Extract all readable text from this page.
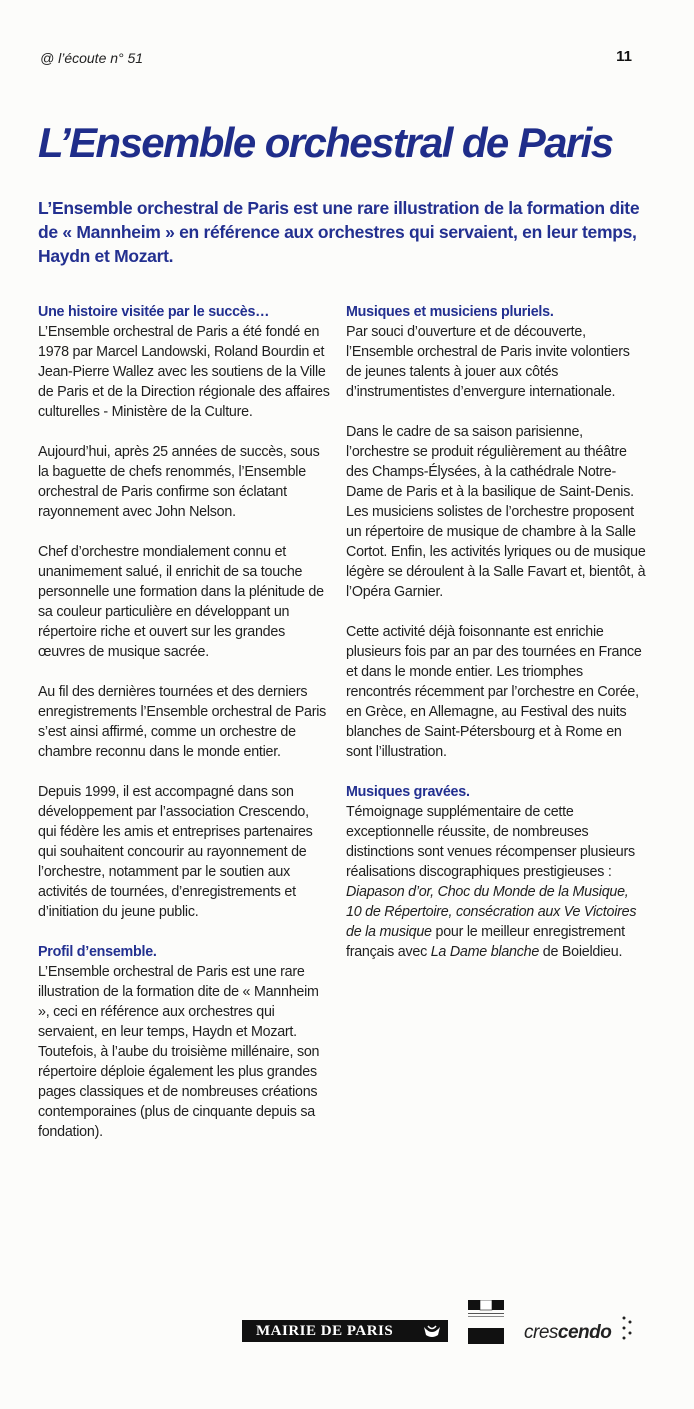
@ l’écoute n° 51	11
L’Ensemble orchestral de Paris

L’Ensemble orchestral de Paris est une rare illustration de la formation dite de « Mannheim » en référence aux orchestres qui servaient, en leur temps, Haydn et Mozart.

Une histoire visitée par le succès…

L’Ensemble orchestral de Paris a été fondé en 1978 par Marcel Landowski, Roland Bourdin et Jean-Pierre Wallez avec les soutiens de la Ville de Paris et de la Direction régionale des affaires culturelles - Ministère de la Culture.

Aujourd’hui, après 25 années de succès, sous la baguette de chefs renommés, l’Ensemble orchestral de Paris confirme son éclatant rayonnement avec John Nelson.

Chef d’orchestre mondialement connu et unanimement salué, il enrichit de sa touche personnelle une formation dans la plénitude de sa couleur particulière en développant un répertoire riche et ouvert sur les grandes œuvres de musique sacrée.

Au fil des dernières tournées et des derniers enregistrements l’Ensemble orchestral de Paris s’est ainsi affirmé, comme un orchestre de chambre reconnu dans le monde entier.

Depuis 1999, il est accompagné dans son développement par l’association Crescendo, qui fédère les amis et entreprises partenaires qui souhaitent concourir au rayonnement de l’orchestre, notamment par le soutien aux activités de tournées, d’enregistrements et d’initiation du jeune public.

Profil d’ensemble.

L’Ensemble orchestral de Paris est une rare illustration de la formation dite de « Mannheim », ceci en référence aux orchestres qui servaient, en leur temps, Haydn et Mozart. Toutefois, à l’aube du troisième millénaire, son répertoire déploie également les plus grandes pages classiques et de nombreuses créations contemporaines (plus de cinquante depuis sa fondation).

Musiques et musiciens pluriels.

Par souci d’ouverture et de découverte, l’Ensemble orchestral de Paris invite volontiers de jeunes talents à jouer aux côtés d’instrumentistes d’envergure internationale.

Dans le cadre de sa saison parisienne, l’orchestre se produit régulièrement au théâtre des Champs-Élysées, à la cathédrale Notre-Dame de Paris et à la basilique de Saint-Denis. Les musiciens solistes de l’orchestre proposent un répertoire de musique de chambre à la Salle Cortot. Enfin, les activités lyriques ou de musique légère se déroulent à la Salle Favart et, bientôt, à l’Opéra Garnier.

Cette activité déjà foisonnante est enrichie plusieurs fois par an par des tournées en France et dans le monde entier. Les triomphes rencontrés récemment par l’orchestre en Corée, en Grèce, en Allemagne, au Festival des nuits blanches de Saint-Pétersbourg et à Rome en sont l’illustration.

Musiques gravées.

Témoignage supplémentaire de cette exceptionnelle réussite, de nombreuses distinctions sont venues récompenser plusieurs réalisations discographiques prestigieuses : Diapason d’or, Choc du Monde de la Musique, 10 de Répertoire, consécration aux Ve Victoires de la musique pour le meilleur enregistrement français avec La Dame blanche de Boieldieu.

MAIRIE DE PARIS	crescendo
